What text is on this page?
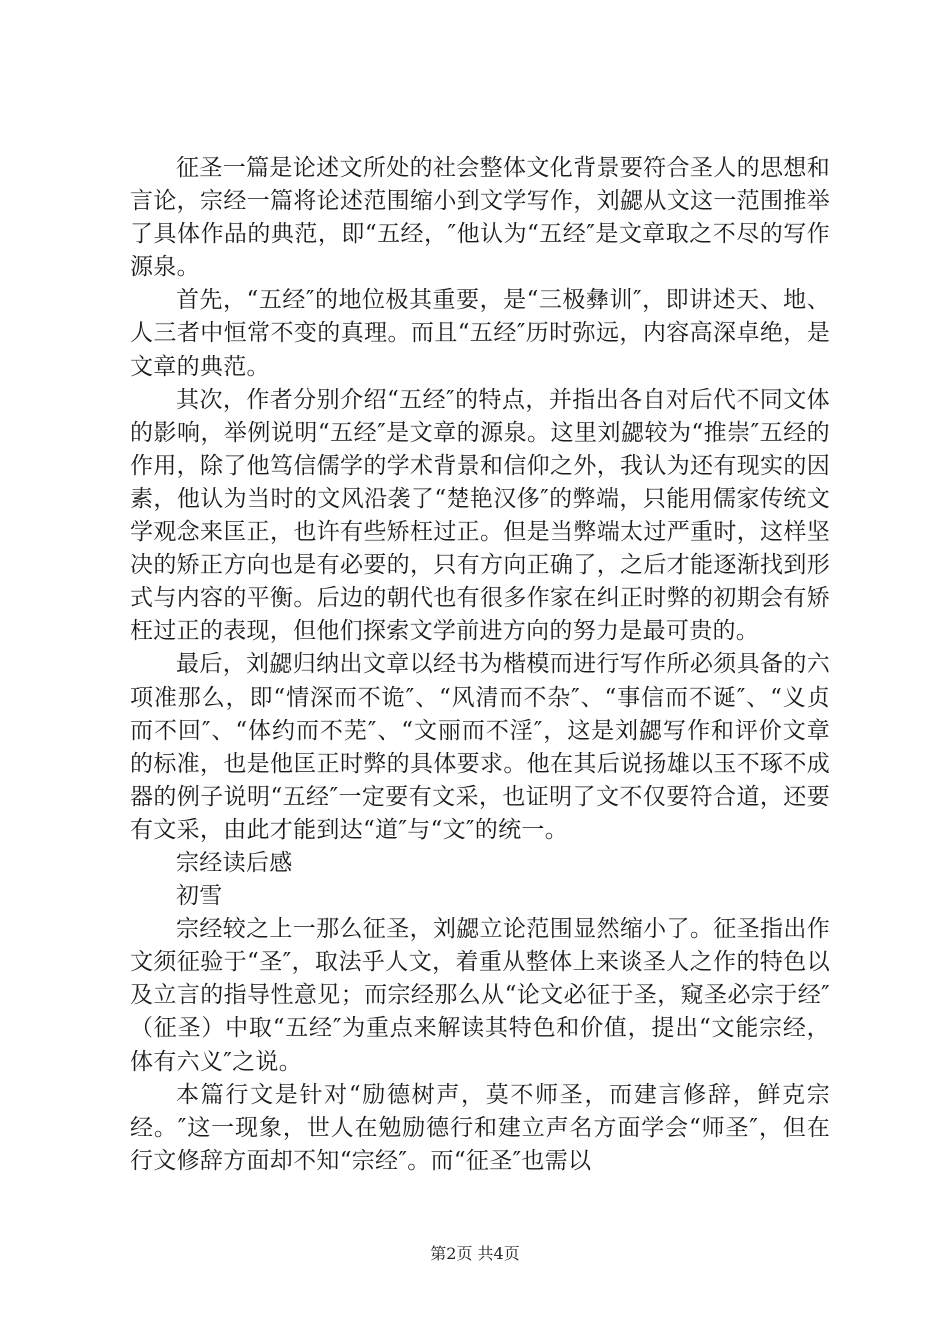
征圣一篇是论述文所处的社会整体文化背景要符合圣人的思想和言论，宗经一篇将论述范围缩小到文学写作，刘勰从文这一范围推举了具体作品的典范，即“五经，″他认为“五经″是文章取之不尽的写作源泉。

首先，“五经″的地位极其重要，是“三极彝训″，即讲述天、地、人三者中恒常不变的真理。而且“五经″历时弥远，内容高深卓绝，是文章的典范。

其次，作者分别介绍“五经″的特点，并指出各自对后代不同文体的影响，举例说明“五经″是文章的源泉。这里刘勰较为“推崇″五经的作用，除了他笃信儒学的学术背景和信仰之外，我认为还有现实的因素，他认为当时的文风沿袭了“楚艳汉侈″的弊端，只能用儒家传统文学观念来匡正，也许有些矫枉过正。但是当弊端太过严重时，这样坚决的矫正方向也是有必要的，只有方向正确了，之后才能逐渐找到形式与内容的平衡。后边的朝代也有很多作家在纠正时弊的初期会有矫枉过正的表现，但他们探索文学前进方向的努力是最可贵的。

最后，刘勰归纳出文章以经书为楷模而进行写作所必须具备的六项准那么，即“情深而不诡″、“风清而不杂″、“事信而不诞″、“义贞而不回″、“体约而不芜″、“文丽而不淫″，这是刘勰写作和评价文章的标准，也是他匡正时弊的具体要求。他在其后说扬雄以玉不琢不成器的例子说明“五经″一定要有文采，也证明了文不仅要符合道，还要有文采，由此才能到达“道″与“文″的统一。

宗经读后感

初雪

宗经较之上一那么征圣，刘勰立论范围显然缩小了。征圣指出作文须征验于“圣″，取法乎人文，着重从整体上来谈圣人之作的特色以及立言的指导性意见；而宗经那么从“论文必征于圣，窥圣必宗于经″（征圣）中取“五经″为重点来解读其特色和价值，提出“文能宗经，体有六义″之说。

本篇行文是针对“励德树声，莫不师圣，而建言修辞，鲜克宗经。″这一现象，世人在勉励德行和建立声名方面学会“师圣″，但在行文修辞方面却不知“宗经″。而“征圣″也需以

第2页 共4页
